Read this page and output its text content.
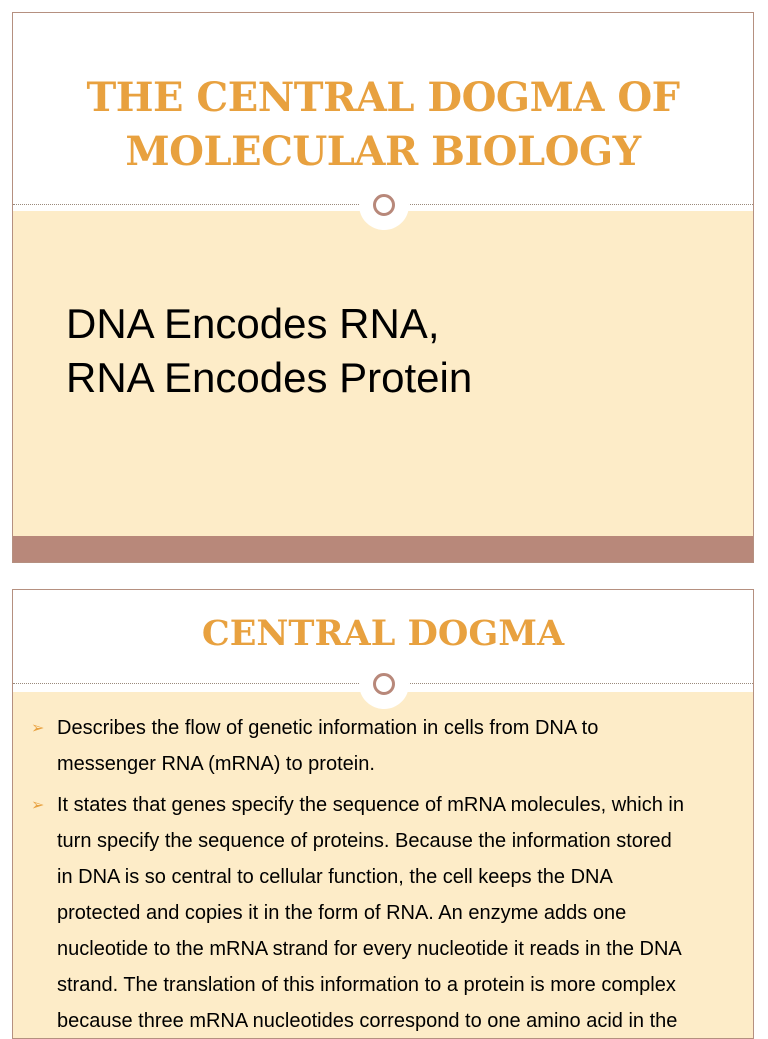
THE CENTRAL DOGMA OF
MOLECULAR BIOLOGY
DNA Encodes RNA,
RNA Encodes Protein
CENTRAL DOGMA
➢ Describes the flow of genetic information in cells from DNA to
messenger RNA (mRNA) to protein.
➢ It states that genes specify the sequence of mRNA molecules, which in
turn specify the sequence of proteins. Because the information stored
in DNA is so central to cellular function, the cell keeps the DNA
protected and copies it in the form of RNA. An enzyme adds one
nucleotide to the mRNA strand for every nucleotide it reads in the DNA
strand. The translation of this information to a protein is more complex
because three mRNA nucleotides correspond to one amino acid in the
